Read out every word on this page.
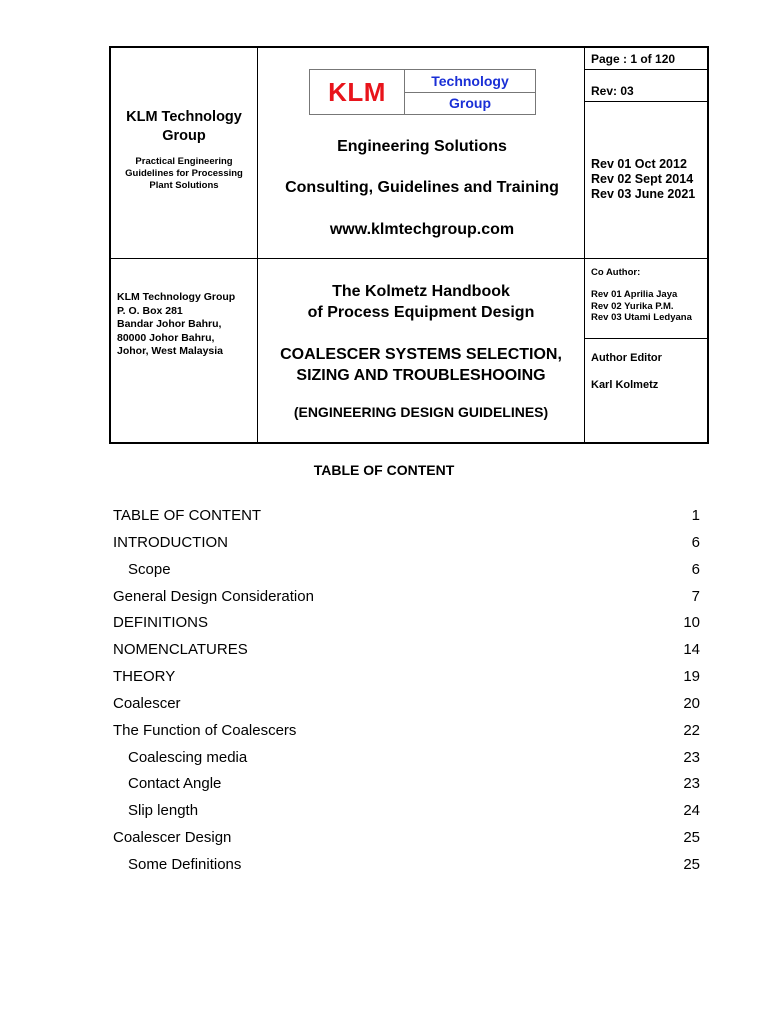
KLM Technology
Group
Practical Engineering
Guidelines for Processing
Plant Solutions
KLM	Technology
Group
Engineering Solutions
Consulting, Guidelines and Training
www.klmtechgroup.com
Page : 1 of 120
Rev: 03
Rev 01 Oct 2012
Rev 02 Sept 2014
Rev 03 June 2021
KLM Technology Group
P. O. Box 281
Bandar Johor Bahru,
80000 Johor Bahru,
Johor, West Malaysia
The Kolmetz Handbook
of Process Equipment Design
COALESCER SYSTEMS SELECTION,
SIZING AND TROUBLESHOOING
(ENGINEERING DESIGN GUIDELINES)
Co Author:
Rev 01 Aprilia Jaya
Rev 02 Yurika P.M.
Rev 03 Utami Ledyana
Author Editor
Karl Kolmetz
TABLE OF CONTENT
TABLE OF CONTENT	1
INTRODUCTION	6
Scope	6
General Design Consideration	7
DEFINITIONS	10
NOMENCLATURES	14
THEORY	19
Coalescer	20
The Function of Coalescers	22
Coalescing media	23
Contact Angle	23
Slip length	24
Coalescer Design	25
Some Definitions	25
